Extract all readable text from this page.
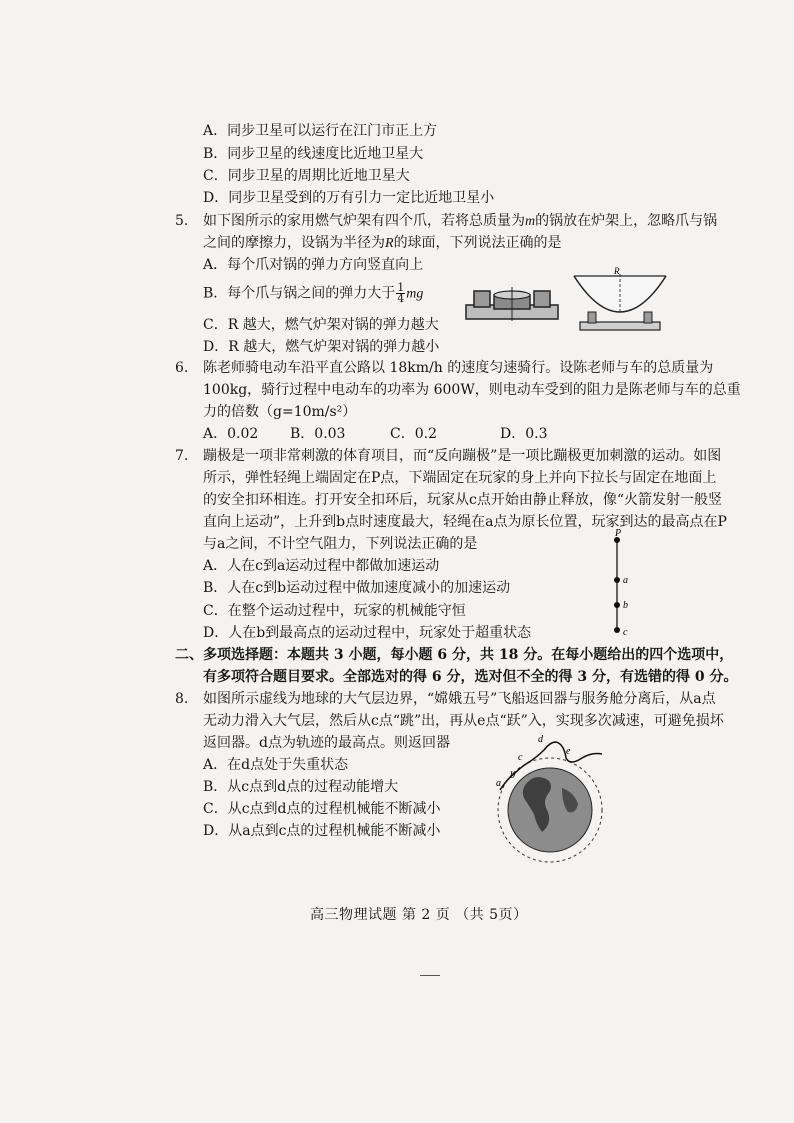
A．同步卫星可以运行在江门市正上方
B．同步卫星的线速度比近地卫星大
C．同步卫星的周期比近地卫星大
D．同步卫星受到的万有引力一定比近地卫星小
5. 如下图所示的家用燃气炉架有四个爪，若将总质量为m的锅放在炉架上，忽略爪与锅
之间的摩擦力，设锅为半径为R的球面，下列说法正确的是
A．每个爪对锅的弹力方向竖直向上
B．每个爪与锅之间的弹力大于 $\frac{1}{4}$ mg
C．R 越大，燃气炉架对锅的弹力越大
D．R 越大，燃气炉架对锅的弹力越小
R
6. 陈老师骑电动车沿平直公路以 18km/h 的速度匀速骑行。设陈老师与车的总质量为
100kg，骑行过程中电动车的功率为 600W，则电动车受到的阻力是陈老师与车的总重
力的倍数（g=10m/s²）
A．0.02 B．0.03	C．0.2	D．0.3
7. 蹦极是一项非常刺激的体育项目，而“反向蹦极”是一项比蹦极更加刺激的运动。如图
所示，弹性轻绳上端固定在P点，下端固定在玩家的身上并向下拉长与固定在地面上
的安全扣环相连。打开安全扣环后，玩家从c点开始由静止释放，像“火箭发射一般竖
直向上运动”，上升到b点时速度最大，轻绳在a点为原长位置，玩家到达的最高点在P
与a之间，不计空气阻力，下列说法正确的是
A．人在c到a运动过程中都做加速运动
B．人在c到b运动过程中做加速度减小的加速运动
C．在整个运动过程中，玩家的机械能守恒
D．人在b到最高点的运动过程中，玩家处于超重状态
P
a
b
c
二、多项选择题：本题共 3 小题，每小题 6 分，共 18 分。在每小题给出的四个选项中，
有多项符合题目要求。全部选对的得 6 分，选对但不全的得 3 分，有选错的得 0 分。
8. 如图所示虚线为地球的大气层边界，“嫦娥五号”飞船返回器与服务舱分离后，从a点
无动力滑入大气层，然后从c点“跳”出，再从e点“跃”入，实现多次减速，可避免损坏
返回器。d点为轨迹的最高点。则返回器
A．在d点处于失重状态
B．从c点到d点的过程动能增大
C．从c点到d点的过程机械能不断减小
D．从a点到c点的过程机械能不断减小
a
b
c
d
e
高三物理试题 第 2 页 （共 5页）
